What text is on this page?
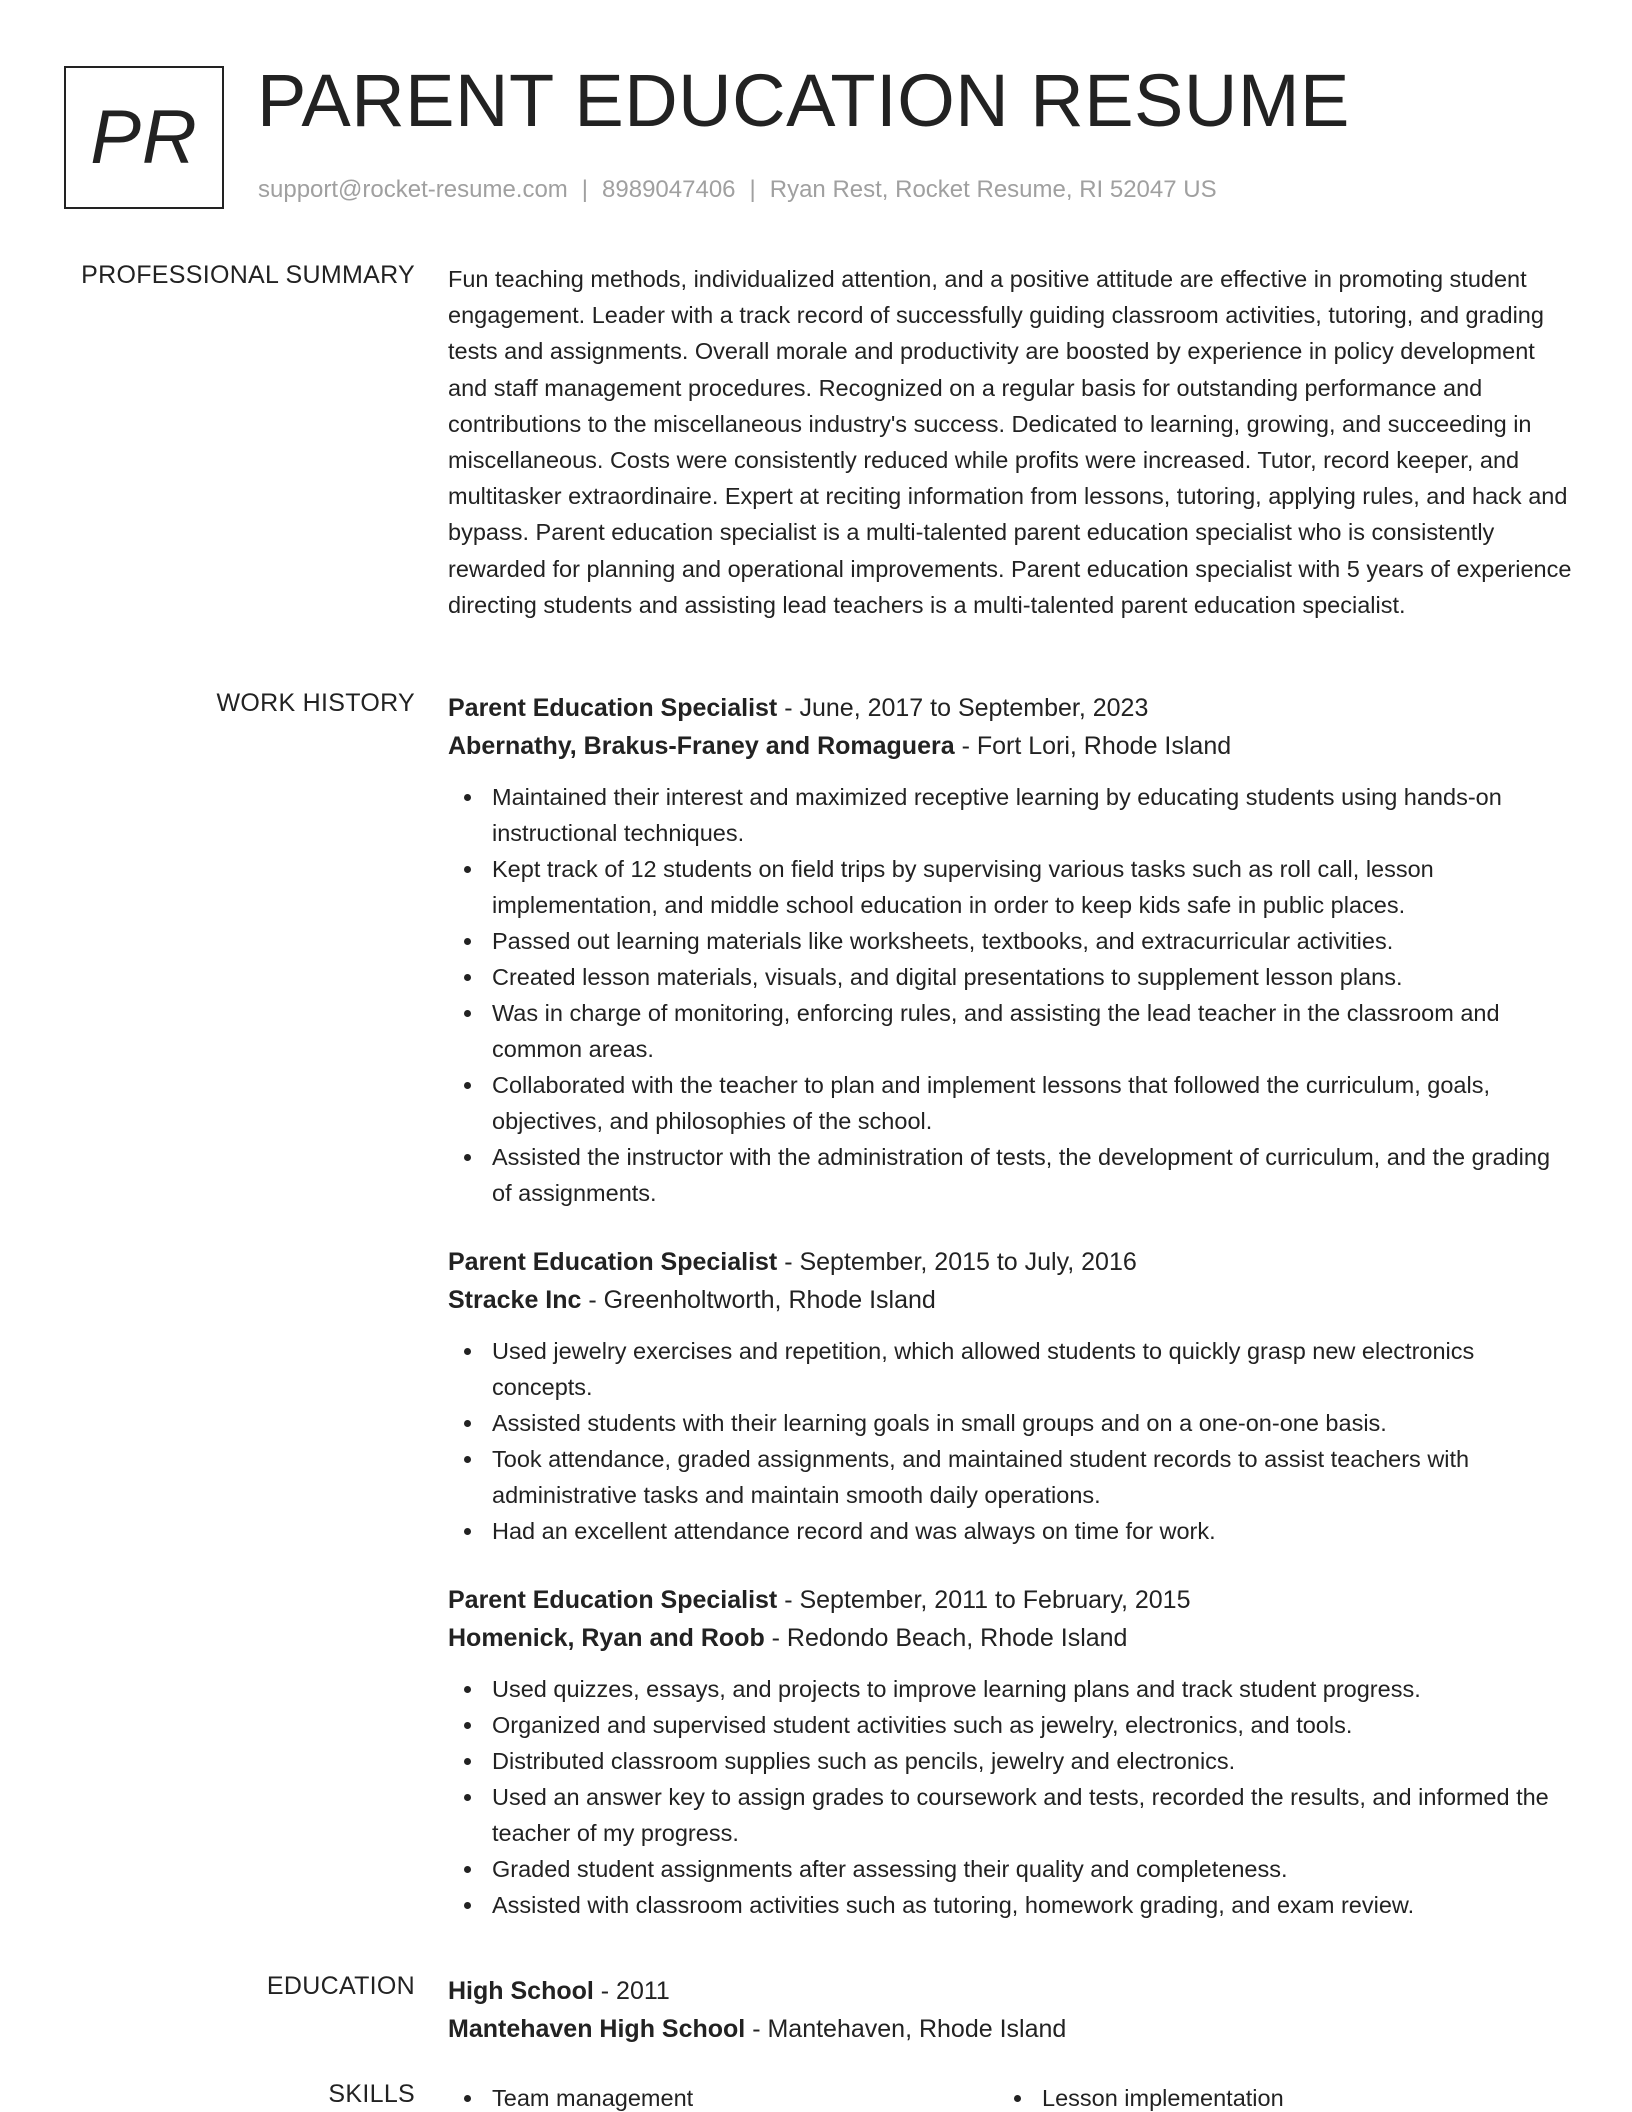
PR PARENT EDUCATION RESUME
support@rocket-resume.com | 8989047406 | Ryan Rest, Rocket Resume, RI 52047 US
PROFESSIONAL SUMMARY Fun teaching methods, individualized attention, and a positive attitude are effective in promoting student engagement. Leader with a track record of successfully guiding classroom activities, tutoring, and grading tests and assignments. Overall morale and productivity are boosted by experience in policy development and staff management procedures. Recognized on a regular basis for outstanding performance and contributions to the miscellaneous industry's success. Dedicated to learning, growing, and succeeding in miscellaneous. Costs were consistently reduced while profits were increased. Tutor, record keeper, and multitasker extraordinaire. Expert at reciting information from lessons, tutoring, applying rules, and hack and bypass. Parent education specialist is a multi-talented parent education specialist who is consistently rewarded for planning and operational improvements. Parent education specialist with 5 years of experience directing students and assisting lead teachers is a multi-talented parent education specialist.
WORK HISTORY Parent Education Specialist - June, 2017 to September, 2023
Abernathy, Brakus-Franey and Romaguera - Fort Lori, Rhode Island
Maintained their interest and maximized receptive learning by educating students using hands-on instructional techniques.
Kept track of 12 students on field trips by supervising various tasks such as roll call, lesson implementation, and middle school education in order to keep kids safe in public places.
Passed out learning materials like worksheets, textbooks, and extracurricular activities.
Created lesson materials, visuals, and digital presentations to supplement lesson plans.
Was in charge of monitoring, enforcing rules, and assisting the lead teacher in the classroom and common areas.
Collaborated with the teacher to plan and implement lessons that followed the curriculum, goals, objectives, and philosophies of the school.
Assisted the instructor with the administration of tests, the development of curriculum, and the grading of assignments.
Parent Education Specialist - September, 2015 to July, 2016
Stracke Inc - Greenholtworth, Rhode Island
Used jewelry exercises and repetition, which allowed students to quickly grasp new electronics concepts.
Assisted students with their learning goals in small groups and on a one-on-one basis.
Took attendance, graded assignments, and maintained student records to assist teachers with administrative tasks and maintain smooth daily operations.
Had an excellent attendance record and was always on time for work.
Parent Education Specialist - September, 2011 to February, 2015
Homenick, Ryan and Roob - Redondo Beach, Rhode Island
Used quizzes, essays, and projects to improve learning plans and track student progress.
Organized and supervised student activities such as jewelry, electronics, and tools.
Distributed classroom supplies such as pencils, jewelry and electronics.
Used an answer key to assign grades to coursework and tests, recorded the results, and informed the teacher of my progress.
Graded student assignments after assessing their quality and completeness.
Assisted with classroom activities such as tutoring, homework grading, and exam review.
EDUCATION High School - 2011
Mantehaven High School - Mantehaven, Rhode Island
SKILLS	Team management	Lesson implementation
